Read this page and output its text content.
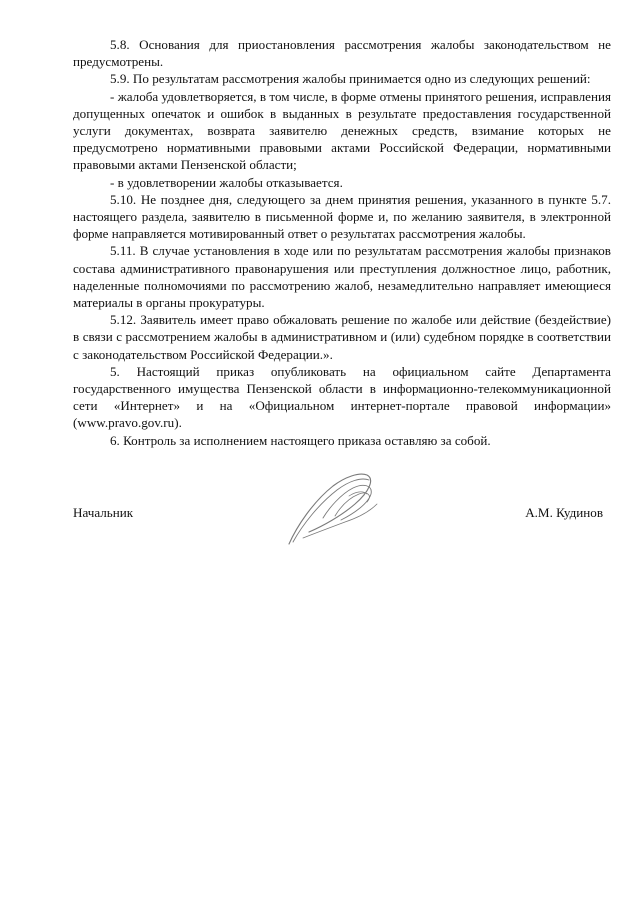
5.8. Основания для приостановления рассмотрения жалобы законодательством не предусмотрены.

5.9. По результатам рассмотрения жалобы принимается одно из следующих решений:

- жалоба удовлетворяется, в том числе, в форме отмены принятого решения, исправления допущенных опечаток и ошибок в выданных в результате предоставления государственной услуги документах, возврата заявителю денежных средств, взимание которых не предусмотрено нормативными правовыми актами Российской Федерации, нормативными правовыми актами Пензенской области;

- в удовлетворении жалобы отказывается.

5.10. Не позднее дня, следующего за днем принятия решения, указанного в пункте 5.7. настоящего раздела, заявителю в письменной форме и, по желанию заявителя, в электронной форме направляется мотивированный ответ о результатах рассмотрения жалобы.

5.11. В случае установления в ходе или по результатам рассмотрения жалобы признаков состава административного правонарушения или преступления должностное лицо, работник, наделенные полномочиями по рассмотрению жалоб, незамедлительно направляет имеющиеся материалы в органы прокуратуры.

5.12. Заявитель имеет право обжаловать решение по жалобе или действие (бездействие) в связи с рассмотрением жалобы в административном и (или) судебном порядке в соответствии с законодательством Российской Федерации.».

5. Настоящий приказ опубликовать на официальном сайте Департамента государственного имущества Пензенской области в информационно-телекоммуникационной сети «Интернет» и на «Официальном интернет-портале правовой информации» (www.pravo.gov.ru).

6. Контроль за исполнением настоящего приказа оставляю за собой.

Начальник	А.М. Кудинов
